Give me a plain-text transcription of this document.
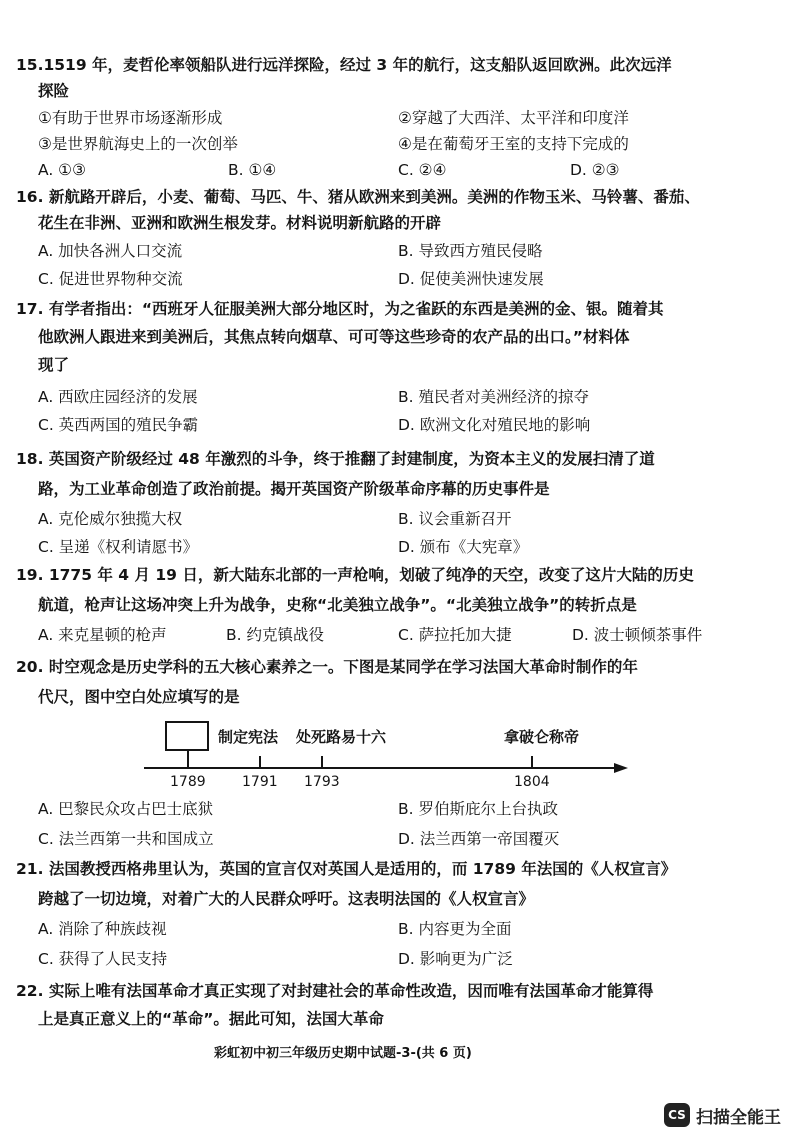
15.1519 年，麦哲伦率领船队进行远洋探险，经过 3 年的航行，这支船队返回欧洲。此次远洋
探险
①有助于世界市场逐渐形成	②穿越了大西洋、太平洋和印度洋
③是世界航海史上的一次创举	④是在葡萄牙王室的支持下完成的
A. ①③	B. ①④	C. ②④	D. ②③
16. 新航路开辟后，小麦、葡萄、马匹、牛、猪从欧洲来到美洲。美洲的作物玉米、马铃薯、番茄、
花生在非洲、亚洲和欧洲生根发芽。材料说明新航路的开辟
A. 加快各洲人口交流	B. 导致西方殖民侵略
C. 促进世界物种交流	D. 促使美洲快速发展
17. 有学者指出：“西班牙人征服美洲大部分地区时，为之雀跃的东西是美洲的金、银。随着其
他欧洲人跟进来到美洲后，其焦点转向烟草、可可等这些珍奇的农产品的出口。”材料体
现了
A. 西欧庄园经济的发展	B. 殖民者对美洲经济的掠夺
C. 英西两国的殖民争霸	D. 欧洲文化对殖民地的影响
18. 英国资产阶级经过 48 年激烈的斗争，终于推翻了封建制度，为资本主义的发展扫清了道
路，为工业革命创造了政治前提。揭开英国资产阶级革命序幕的历史事件是
A. 克伦威尔独揽大权	B. 议会重新召开
C. 呈递《权利请愿书》	D. 颁布《大宪章》
19. 1775 年 4 月 19 日，新大陆东北部的一声枪响，划破了纯净的天空，改变了这片大陆的历史
航道，枪声让这场冲突上升为战争，史称“北美独立战争”。“北美独立战争”的转折点是
A. 来克星顿的枪声	B. 约克镇战役	C. 萨拉托加大捷	D. 波士顿倾茶事件
20. 时空观念是历史学科的五大核心素养之一。下图是某同学在学习法国大革命时制作的年
代尺，图中空白处应填写的是
制定宪法 处死路易十六	拿破仑称帝
1789	1791 1793	1804
A. 巴黎民众攻占巴士底狱	B. 罗伯斯庇尔上台执政
C. 法兰西第一共和国成立	D. 法兰西第一帝国覆灭
21. 法国教授西格弗里认为，英国的宣言仅对英国人是适用的，而 1789 年法国的《人权宣言》
跨越了一切边境，对着广大的人民群众呼吁。这表明法国的《人权宣言》
A. 消除了种族歧视	B. 内容更为全面
C. 获得了人民支持	D. 影响更为广泛
22. 实际上唯有法国革命才真正实现了对封建社会的革命性改造，因而唯有法国革命才能算得
上是真正意义上的“革命”。据此可知，法国大革命
彩虹初中初三年级历史期中试题-3-(共 6 页)
CS 扫描全能王
